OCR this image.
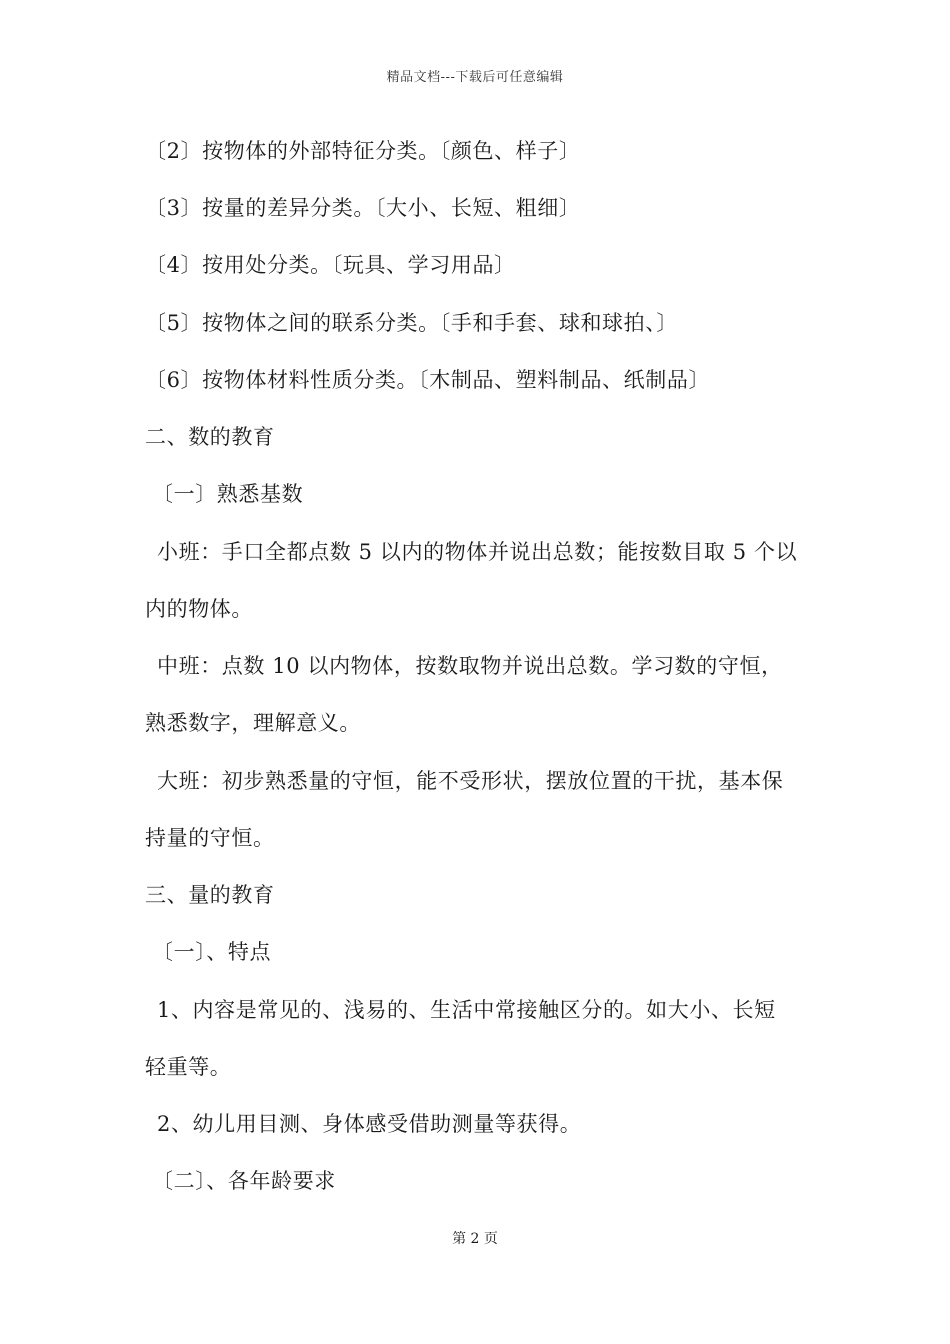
精品文档---下载后可任意编辑
〔2〕按物体的外部特征分类。〔颜色、样子〕
〔3〕按量的差异分类。〔大小、长短、粗细〕
〔4〕按用处分类。〔玩具、学习用品〕
〔5〕按物体之间的联系分类。〔手和手套、球和球拍、〕
〔6〕按物体材料性质分类。〔木制品、塑料制品、纸制品〕
二、数的教育
〔一〕熟悉基数
小班：手口全都点数 5 以内的物体并说出总数；能按数目取 5 个以
内的物体。
中班：点数 10 以内物体，按数取物并说出总数。学习数的守恒，
熟悉数字，理解意义。
大班：初步熟悉量的守恒，能不受形状，摆放位置的干扰，基本保
持量的守恒。
三、量的教育
〔一〕、特点
1、内容是常见的、浅易的、生活中常接触区分的。如大小、长短
轻重等。
2、幼儿用目测、身体感受借助测量等获得。
〔二〕、各年龄要求
第 2 页
